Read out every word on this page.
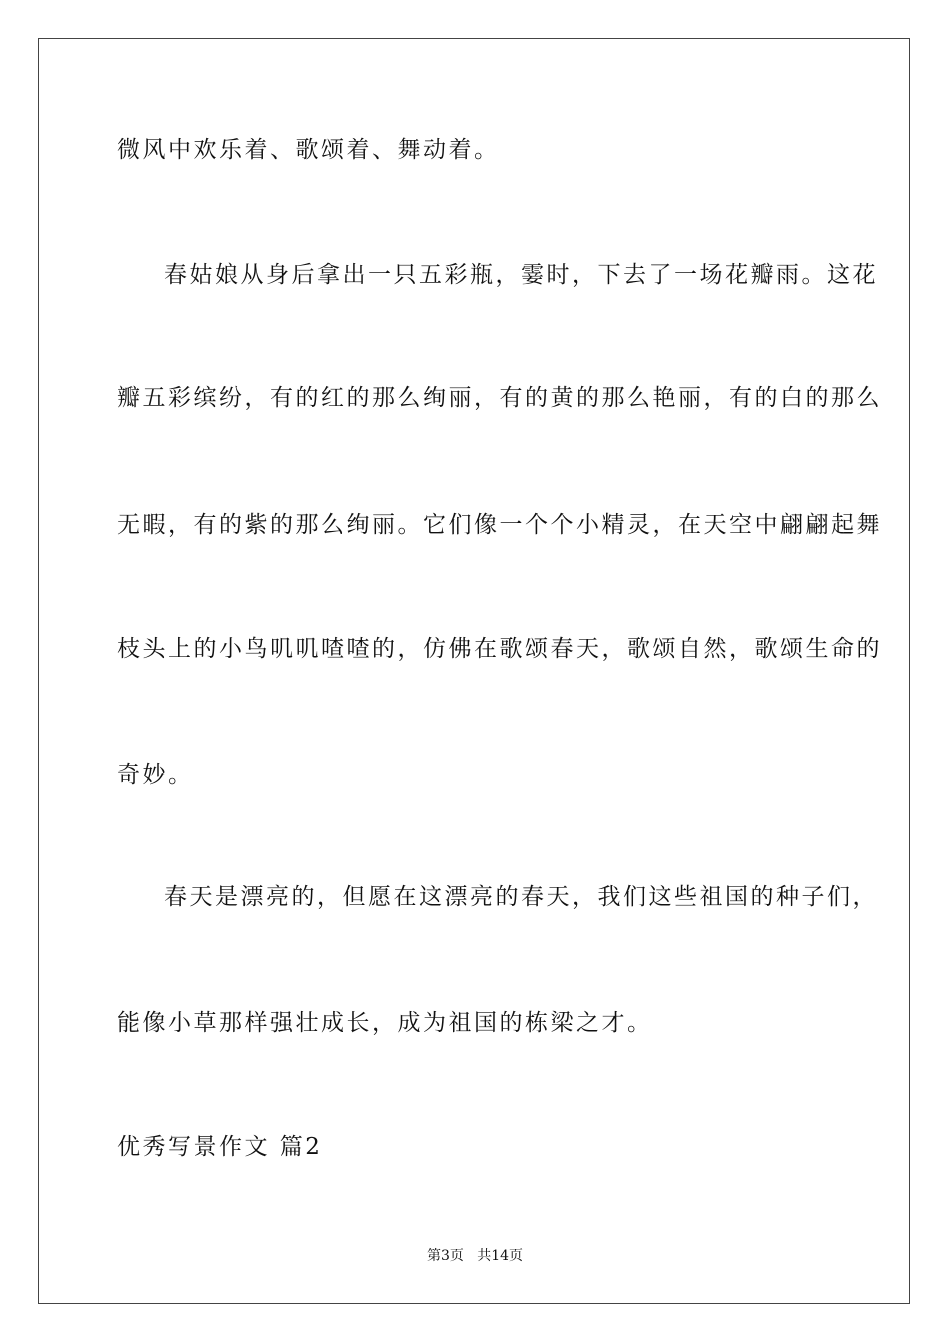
微风中欢乐着、歌颂着、舞动着。
春姑娘从身后拿出一只五彩瓶，霎时，下去了一场花瓣雨。这花
瓣五彩缤纷，有的红的那么绚丽，有的黄的那么艳丽，有的白的那么
无暇，有的紫的那么绚丽。它们像一个个小精灵，在天空中翩翩起舞
枝头上的小鸟叽叽喳喳的，仿佛在歌颂春天，歌颂自然，歌颂生命的
奇妙。
春天是漂亮的，但愿在这漂亮的春天，我们这些祖国的种子们，
能像小草那样强壮成长，成为祖国的栋梁之才。
优秀写景作文 篇2
第3页   共14页
